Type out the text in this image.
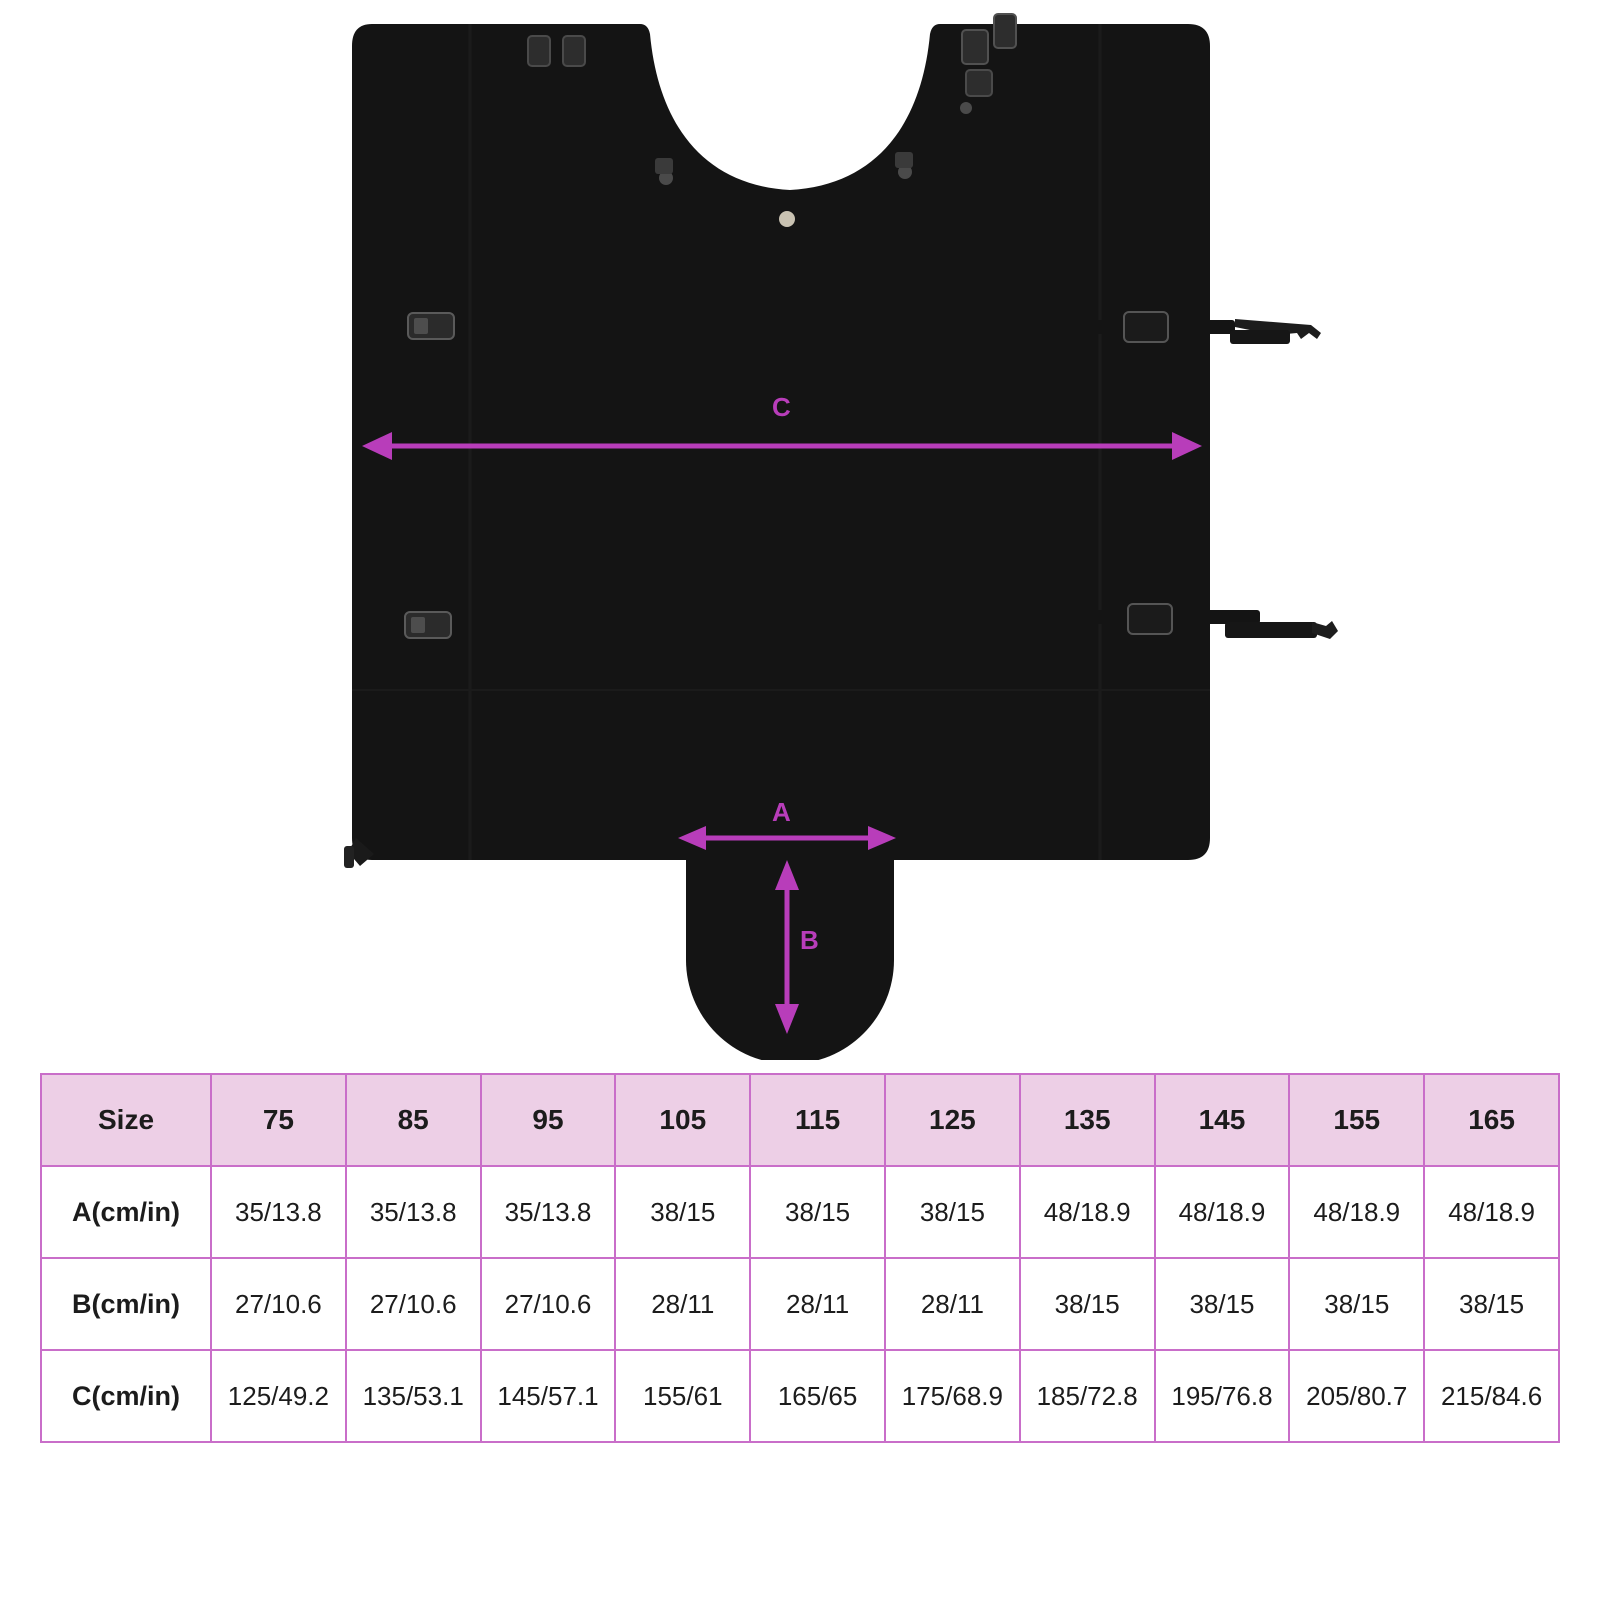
C
A
B
Size	75	85	95	105	115	125	135	145	155	165
A(cm/in)	35/13.8	35/13.8	35/13.8	38/15	38/15	38/15	48/18.9	48/18.9	48/18.9	48/18.9
B(cm/in)	27/10.6	27/10.6	27/10.6	28/11	28/11	28/11	38/15	38/15	38/15	38/15
C(cm/in)	125/49.2	135/53.1	145/57.1	155/61	165/65	175/68.9	185/72.8	195/76.8	205/80.7	215/84.6
